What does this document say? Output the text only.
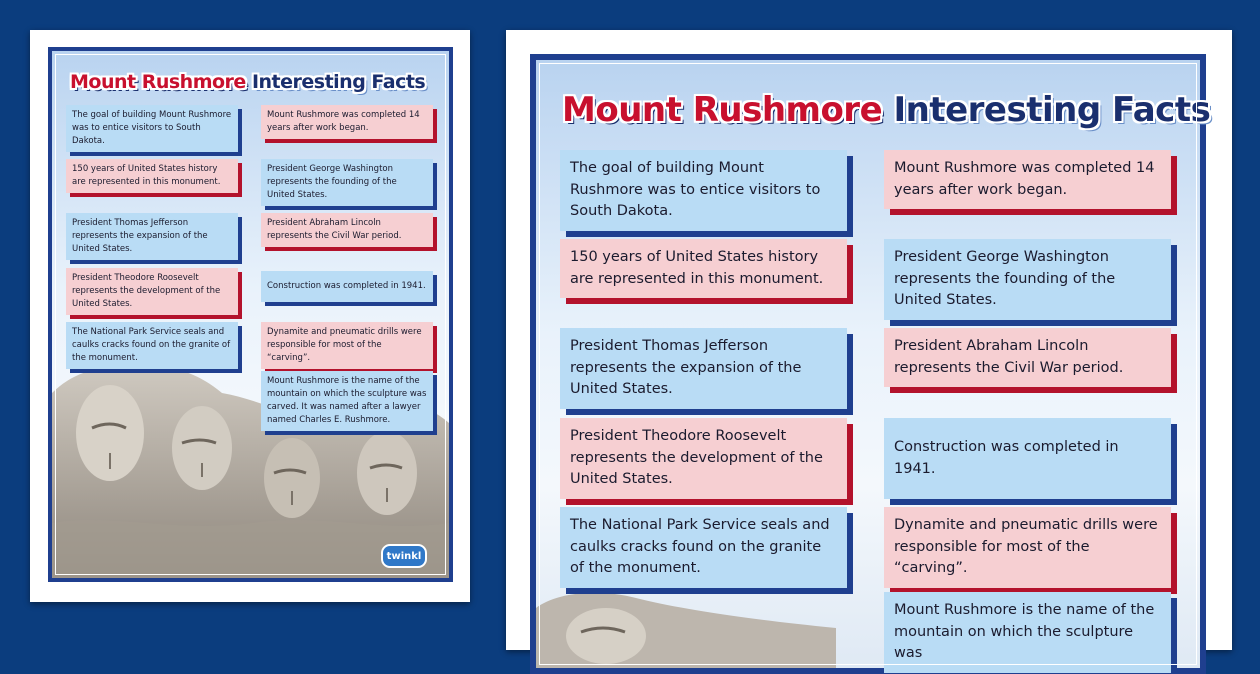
Mount Rushmore Interesting Facts
The goal of building Mount Rushmore was to entice visitors to South Dakota.
150 years of United States history are represented in this monument.
President Thomas Jefferson represents the expansion of the United States.
President Theodore Roosevelt represents the development of the United States.
The National Park Service seals and caulks cracks found on the granite of the monument.
Mount Rushmore was completed 14 years after work began.
President George Washington represents the founding of the United States.
President Abraham Lincoln represents the Civil War period.
Construction was completed in 1941.
Dynamite and pneumatic drills were responsible for most of the “carving”.
Mount Rushmore is the name of the mountain on which the sculpture was carved. It was named after a lawyer named Charles E. Rushmore.
twinkl
Mount Rushmore Interesting Facts
The goal of building Mount Rushmore was to entice visitors to South Dakota.
150 years of United States history are represented in this monument.
President Thomas Jefferson represents the expansion of the United States.
President Theodore Roosevelt represents the development of the United States.
The National Park Service seals and caulks cracks found on the granite of the monument.
Mount Rushmore was completed 14 years after work began.
President George Washington represents the founding of the United States.
President Abraham Lincoln represents the Civil War period.
Construction was completed in 1941.
Dynamite and pneumatic drills were responsible for most of the “carving”.
Mount Rushmore is the name of the mountain on which the sculpture was
